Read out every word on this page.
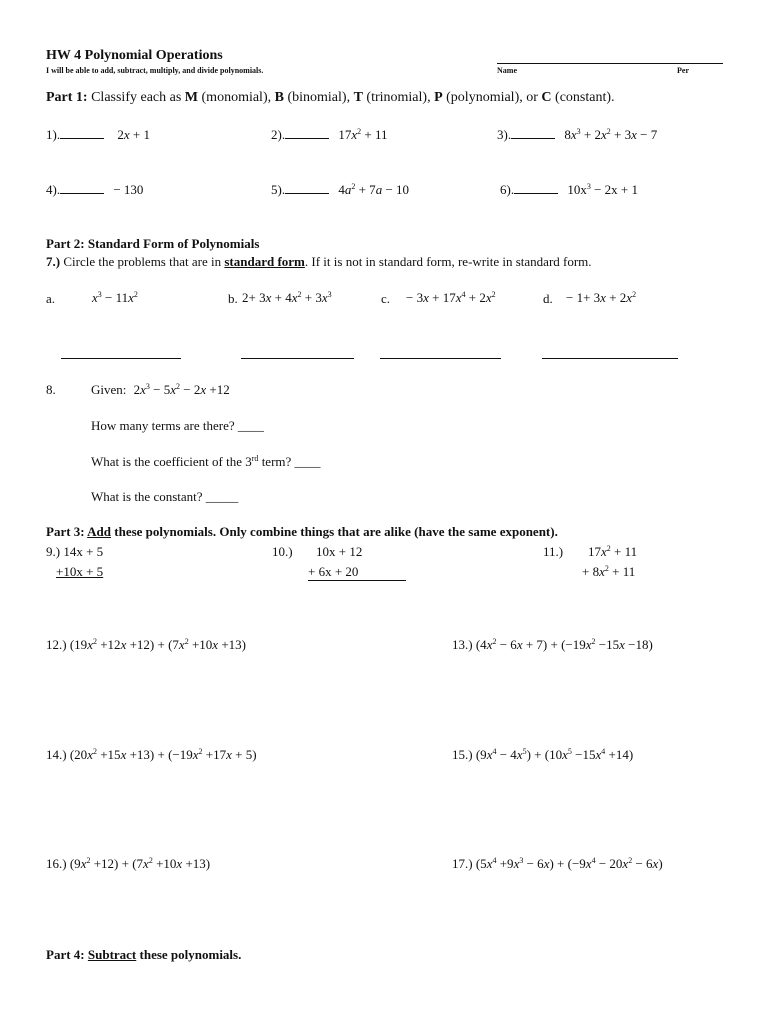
HW 4 Polynomial Operations
I will be able to add, subtract, multiply, and divide polynomials.	Name	Per
Part 1: Classify each as M (monomial), B (binomial), T (trinomial), P (polynomial), or C (constant).
1).	2x + 1	2).	$17x^2 + 11$	3).	$8x^3 + 2x^2 + 3x - 7$
4).	− 130	5).	$4a^2 + 7a - 10$	6).	$10x^3 - 2x + 1$
Part 2: Standard Form of Polynomials
7.) Circle the problems that are in standard form. If it is not in standard form, re-write in standard form.
a.	$x^3 - 11x^2$	b. $2+ 3x + 4x^2 + 3x^3$	c. − $3x + 17x^4 + 2x^2$	d. − $1+ 3x + 2x^2$
8.	Given: $2x^3 - 5x^2 - 2x +12$
How many terms are there? ____
What is the coefficient of the 3rd term? ____
What is the constant? _____
Part 3: Add these polynomials. Only combine things that are alike (have the same exponent).
9.) 14x + 5
+10x + 5
10.) 10x + 12
+ 6x + 20
11.) $17x^2 + 11$
+ $8x^2 + 11$
12.) $(19x^2 +12x +12) + (7x^2 +10x +13)$	13.) $(4x^2 - 6x + 7) + (-19x^2 -15x -18)$
14.) $(20x^2 +15x +13) + (-19x^2 +17x + 5)$	15.) $(9x^4 - 4x^5) + (10x^5 -15x^4 +14)$
16.) $(9x^2 +12) + (7x^2 +10x +13)$	17.) $(5x^4 +9x^3 - 6x) + (-9x^4 - 20x^2 - 6x)$
Part 4: Subtract these polynomials.
